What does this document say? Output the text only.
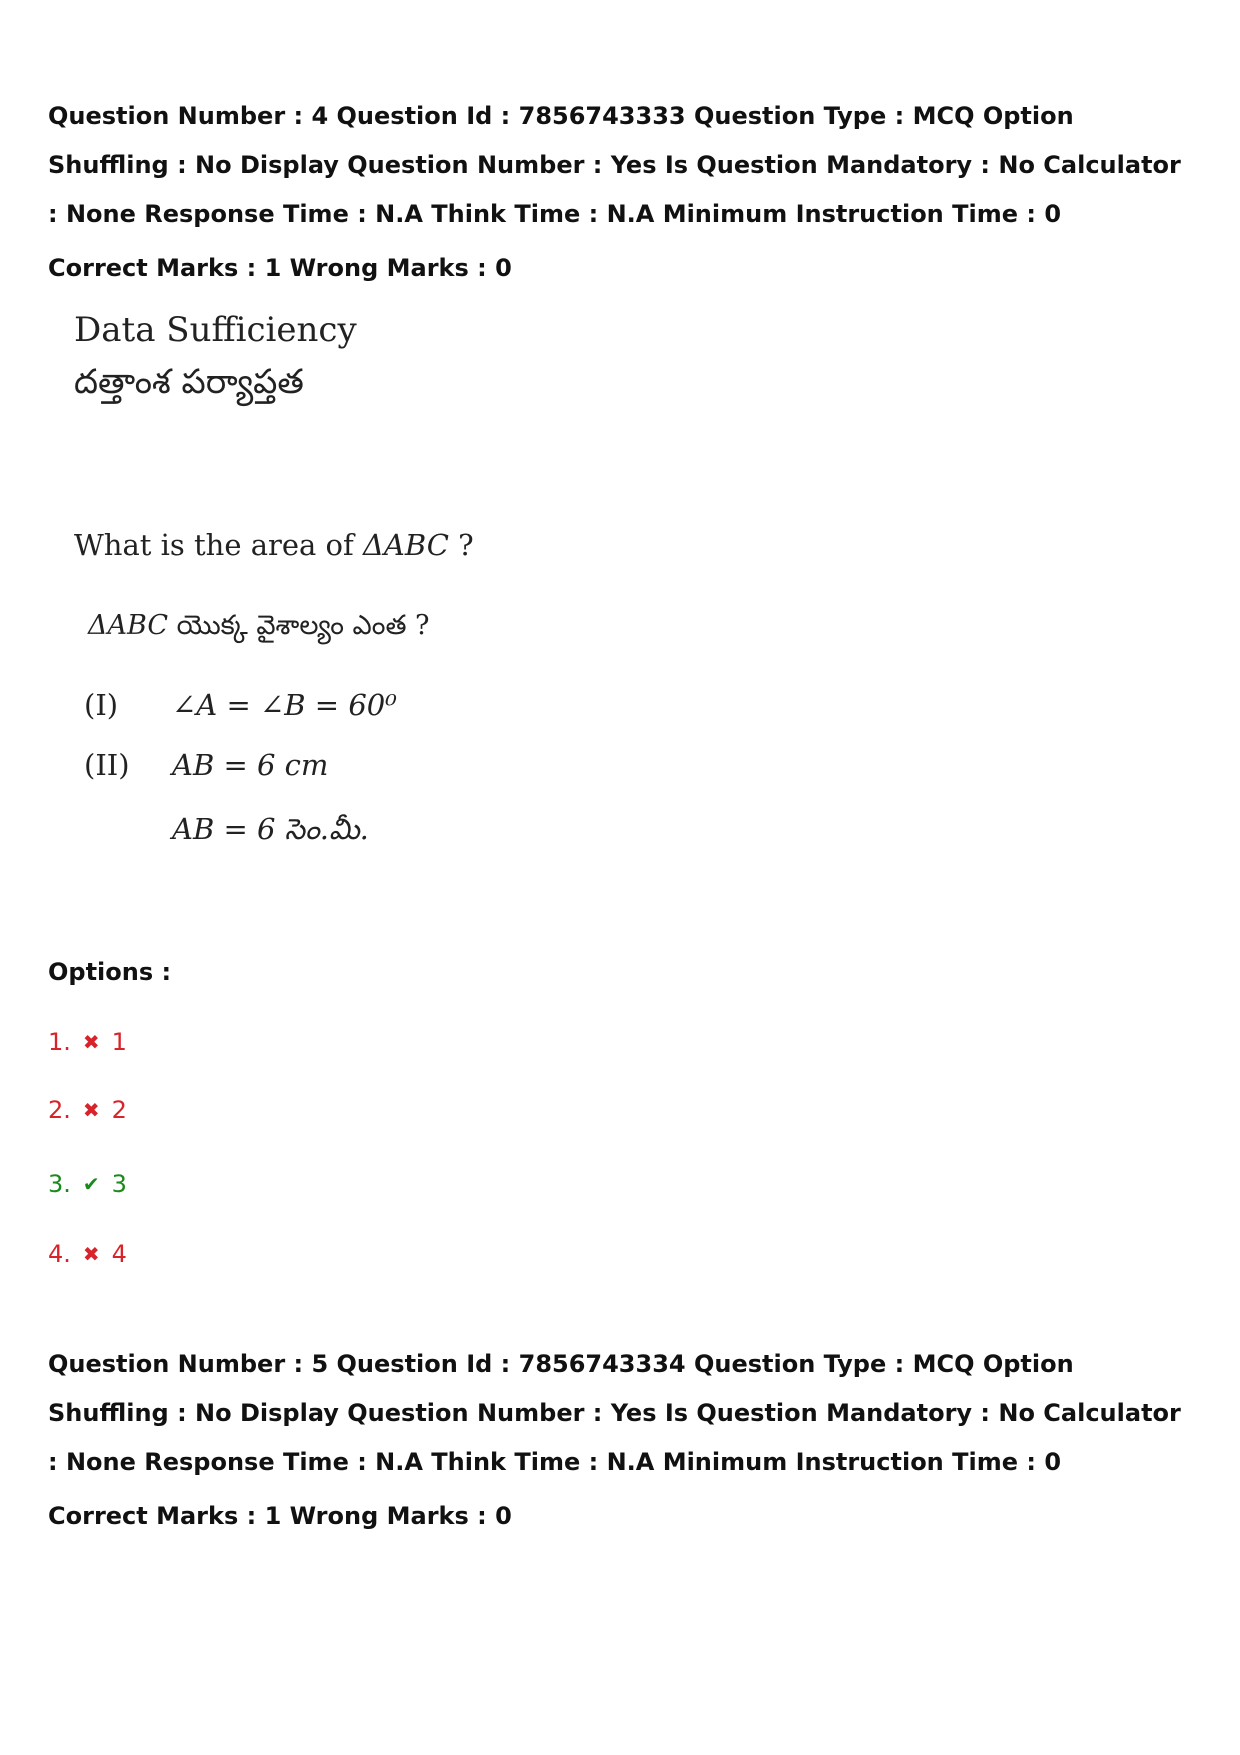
Question Number : 4 Question Id : 7856743333 Question Type : MCQ Option Shuffling : No Display Question Number : Yes Is Question Mandatory : No Calculator : None Response Time : N.A Think Time : N.A Minimum Instruction Time : 0

Correct Marks : 1 Wrong Marks : 0

Data Sufficiency
దత్తాంశ పర్యాప్తత
What is the area of ΔABC ?
ΔABC యొక్క వైశాల్యం ఎంత ?
(I) ∠A = ∠B = 60⁰
(II) AB = 6 cm
AB = 6 సెం.మీ.

Options :

1. ✖ 1
2. ✖ 2
3. ✔ 3
4. ✖ 4

Question Number : 5 Question Id : 7856743334 Question Type : MCQ Option Shuffling : No Display Question Number : Yes Is Question Mandatory : No Calculator : None Response Time : N.A Think Time : N.A Minimum Instruction Time : 0

Correct Marks : 1 Wrong Marks : 0
